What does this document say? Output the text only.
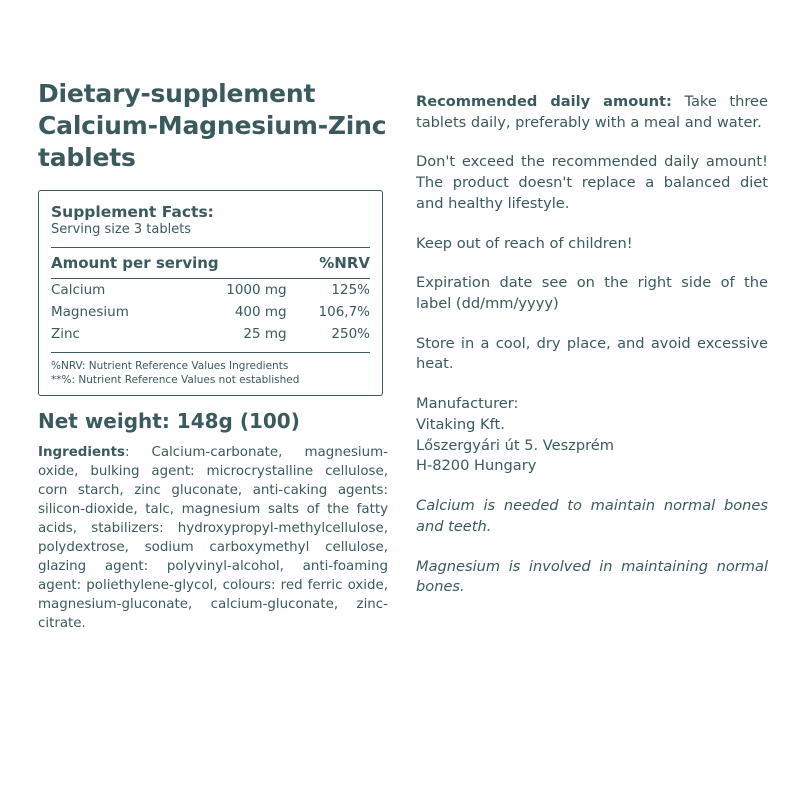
Dietary-supplement Calcium-Magnesium-Zinc tablets
Supplement Facts:
Serving size 3 tablets
Amount per serving	%NRV
Calcium	1000 mg	125%
Magnesium	400 mg	106,7%
Zinc	25 mg	250%
%NRV: Nutrient Reference Values Ingredients
**%: Nutrient Reference Values not established
Net weight: 148g (100)

Ingredients: Calcium-carbonate, magnesium-oxide, bulking agent: microcrystalline cellulose, corn starch, zinc gluconate, anti-caking agents: silicon-dioxide, talc, magnesium salts of the fatty acids, stabilizers: hydroxypropyl-methylcellulose, polydextrose, sodium carboxymethyl cellulose, glazing agent: polyvinyl-alcohol, anti-foaming agent: poliethylene-glycol, colours: red ferric oxide, magnesium-gluconate, calcium-gluconate, zinc-citrate.

Recommended daily amount: Take three tablets daily, preferably with a meal and water.

Don't exceed the recommended daily amount! The product doesn't replace a balanced diet and healthy lifestyle.

Keep out of reach of children!

Expiration date see on the right side of the label (dd/mm/yyyy)

Store in a cool, dry place, and avoid excessive heat.

Manufacturer:
Vitaking Kft.
Lőszergyári út 5. Veszprém
H-8200 Hungary

Calcium is needed to maintain normal bones and teeth.

Magnesium is involved in maintaining normal bones.
